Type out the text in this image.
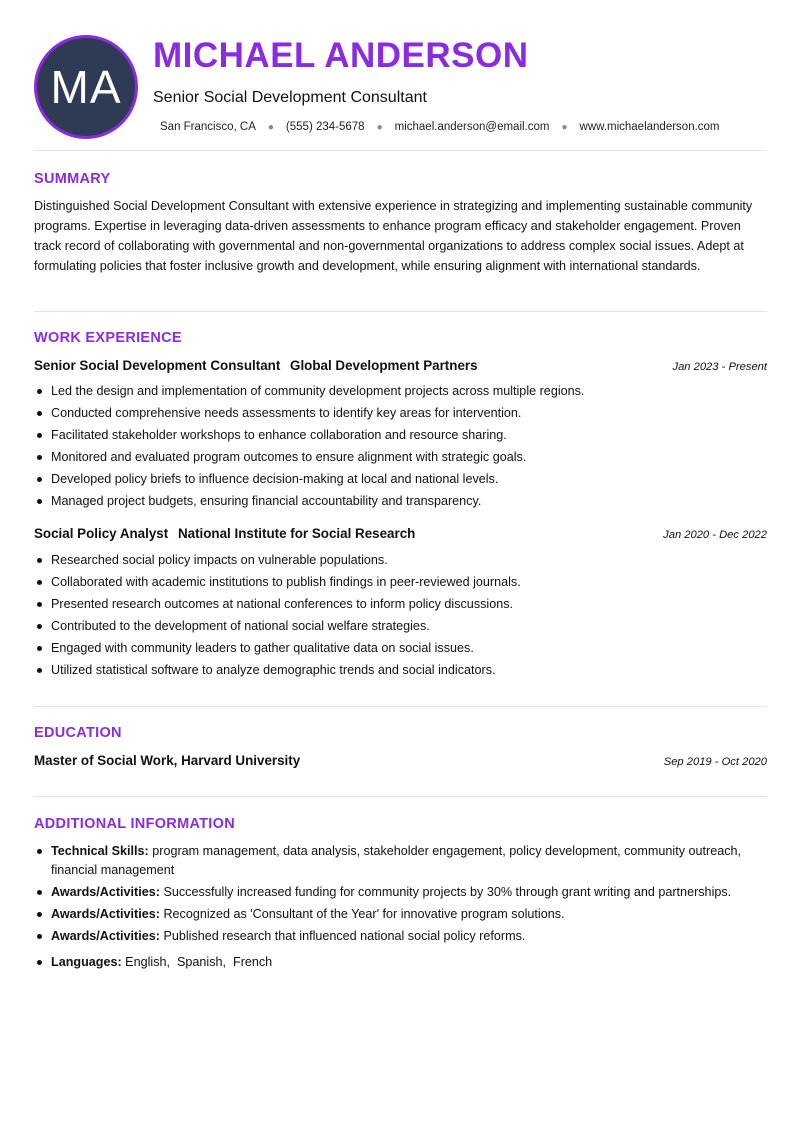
MA
MICHAEL ANDERSON
Senior Social Development Consultant
San Francisco, CA ● (555) 234-5678 ● michael.anderson@email.com ● www.michaelanderson.com
SUMMARY

Distinguished Social Development Consultant with extensive experience in strategizing and implementing sustainable community programs. Expertise in leveraging data-driven assessments to enhance program efficacy and stakeholder engagement. Proven track record of collaborating with governmental and non-governmental organizations to address complex social issues. Adept at formulating policies that foster inclusive growth and development, while ensuring alignment with international standards.

WORK EXPERIENCE
Senior Social Development Consultant Global Development Partners	Jan 2023 - Present
Led the design and implementation of community development projects across multiple regions.
Conducted comprehensive needs assessments to identify key areas for intervention.
Facilitated stakeholder workshops to enhance collaboration and resource sharing.
Monitored and evaluated program outcomes to ensure alignment with strategic goals.
Developed policy briefs to influence decision-making at local and national levels.
Managed project budgets, ensuring financial accountability and transparency.
Social Policy Analyst National Institute for Social Research	Jan 2020 - Dec 2022
Researched social policy impacts on vulnerable populations.
Collaborated with academic institutions to publish findings in peer-reviewed journals.
Presented research outcomes at national conferences to inform policy discussions.
Contributed to the development of national social welfare strategies.
Engaged with community leaders to gather qualitative data on social issues.
Utilized statistical software to analyze demographic trends and social indicators.
EDUCATION
Master of Social Work, Harvard University	Sep 2019 - Oct 2020
ADDITIONAL INFORMATION
Technical Skills: program management, data analysis, stakeholder engagement, policy development, community outreach, financial management
Awards/Activities: Successfully increased funding for community projects by 30% through grant writing and partnerships.
Awards/Activities: Recognized as 'Consultant of the Year' for innovative program solutions.
Awards/Activities: Published research that influenced national social policy reforms.
Languages: English,  Spanish,  French
